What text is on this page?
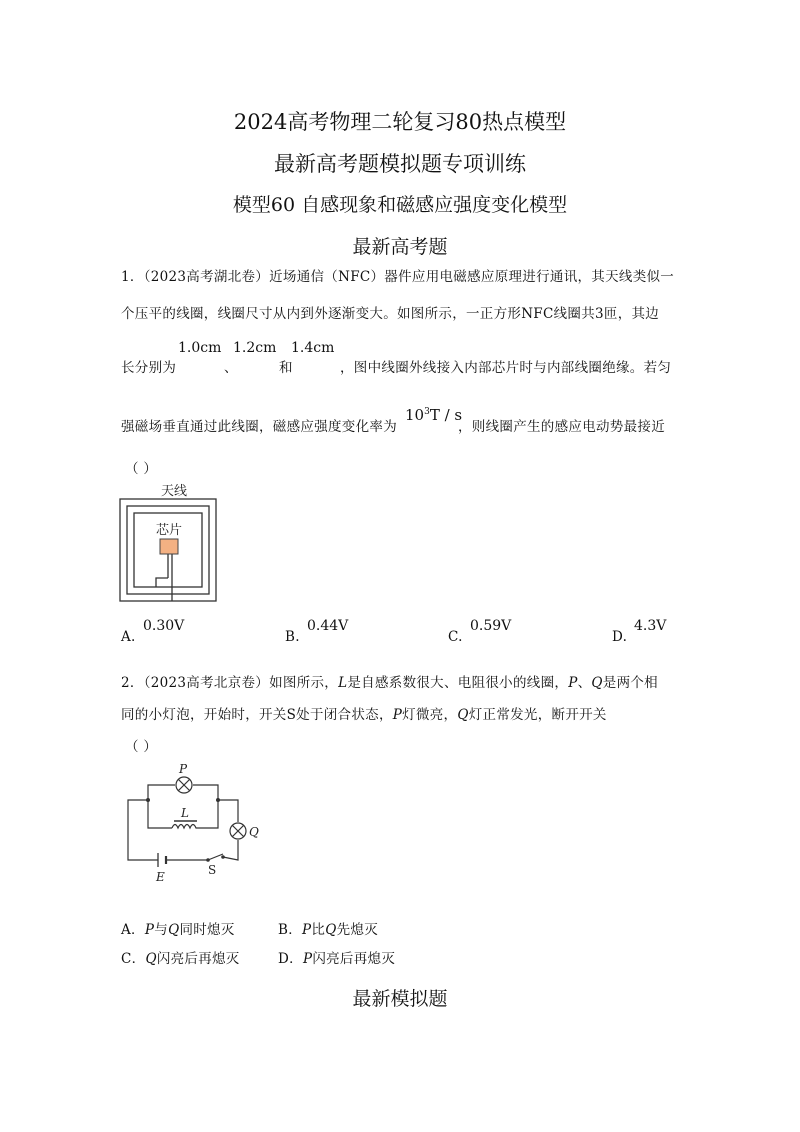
2024高考物理二轮复习80热点模型
最新高考题模拟题专项训练
模型60 自感现象和磁感应强度变化模型
最新高考题
1．（2023高考湖北卷）近场通信（NFC）器件应用电磁感应原理进行通讯，其天线类似一
个压平的线圈，线圈尺寸从内到外逐渐变大。如图所示，一正方形NFC线圈共3匝，其边
长分别为
1.0cm
、
1.2cm
和
1.4cm
，图中线圈外线接入内部芯片时与内部线圈绝缘。若匀
强磁场垂直通过此线圈，磁感应强度变化率为
$10^3T$ / s
，则线圈产生的感应电动势最接近
（ ）
天线
芯片
A.
0.30V
B.
0.44V
C.
0.59V
D.
4.3V
2．（2023高考北京卷）如图所示，L是自感系数很大、电阻很小的线圈，P、Q是两个相
同的小灯泡，开始时，开关S处于闭合状态，P灯微亮，Q灯正常发光，断开开关
（ ）
P
L
Q
E	S
A．P与Q同时熄灭	B．P比Q先熄灭
C．Q闪亮后再熄灭	D．P闪亮后再熄灭
最新模拟题
